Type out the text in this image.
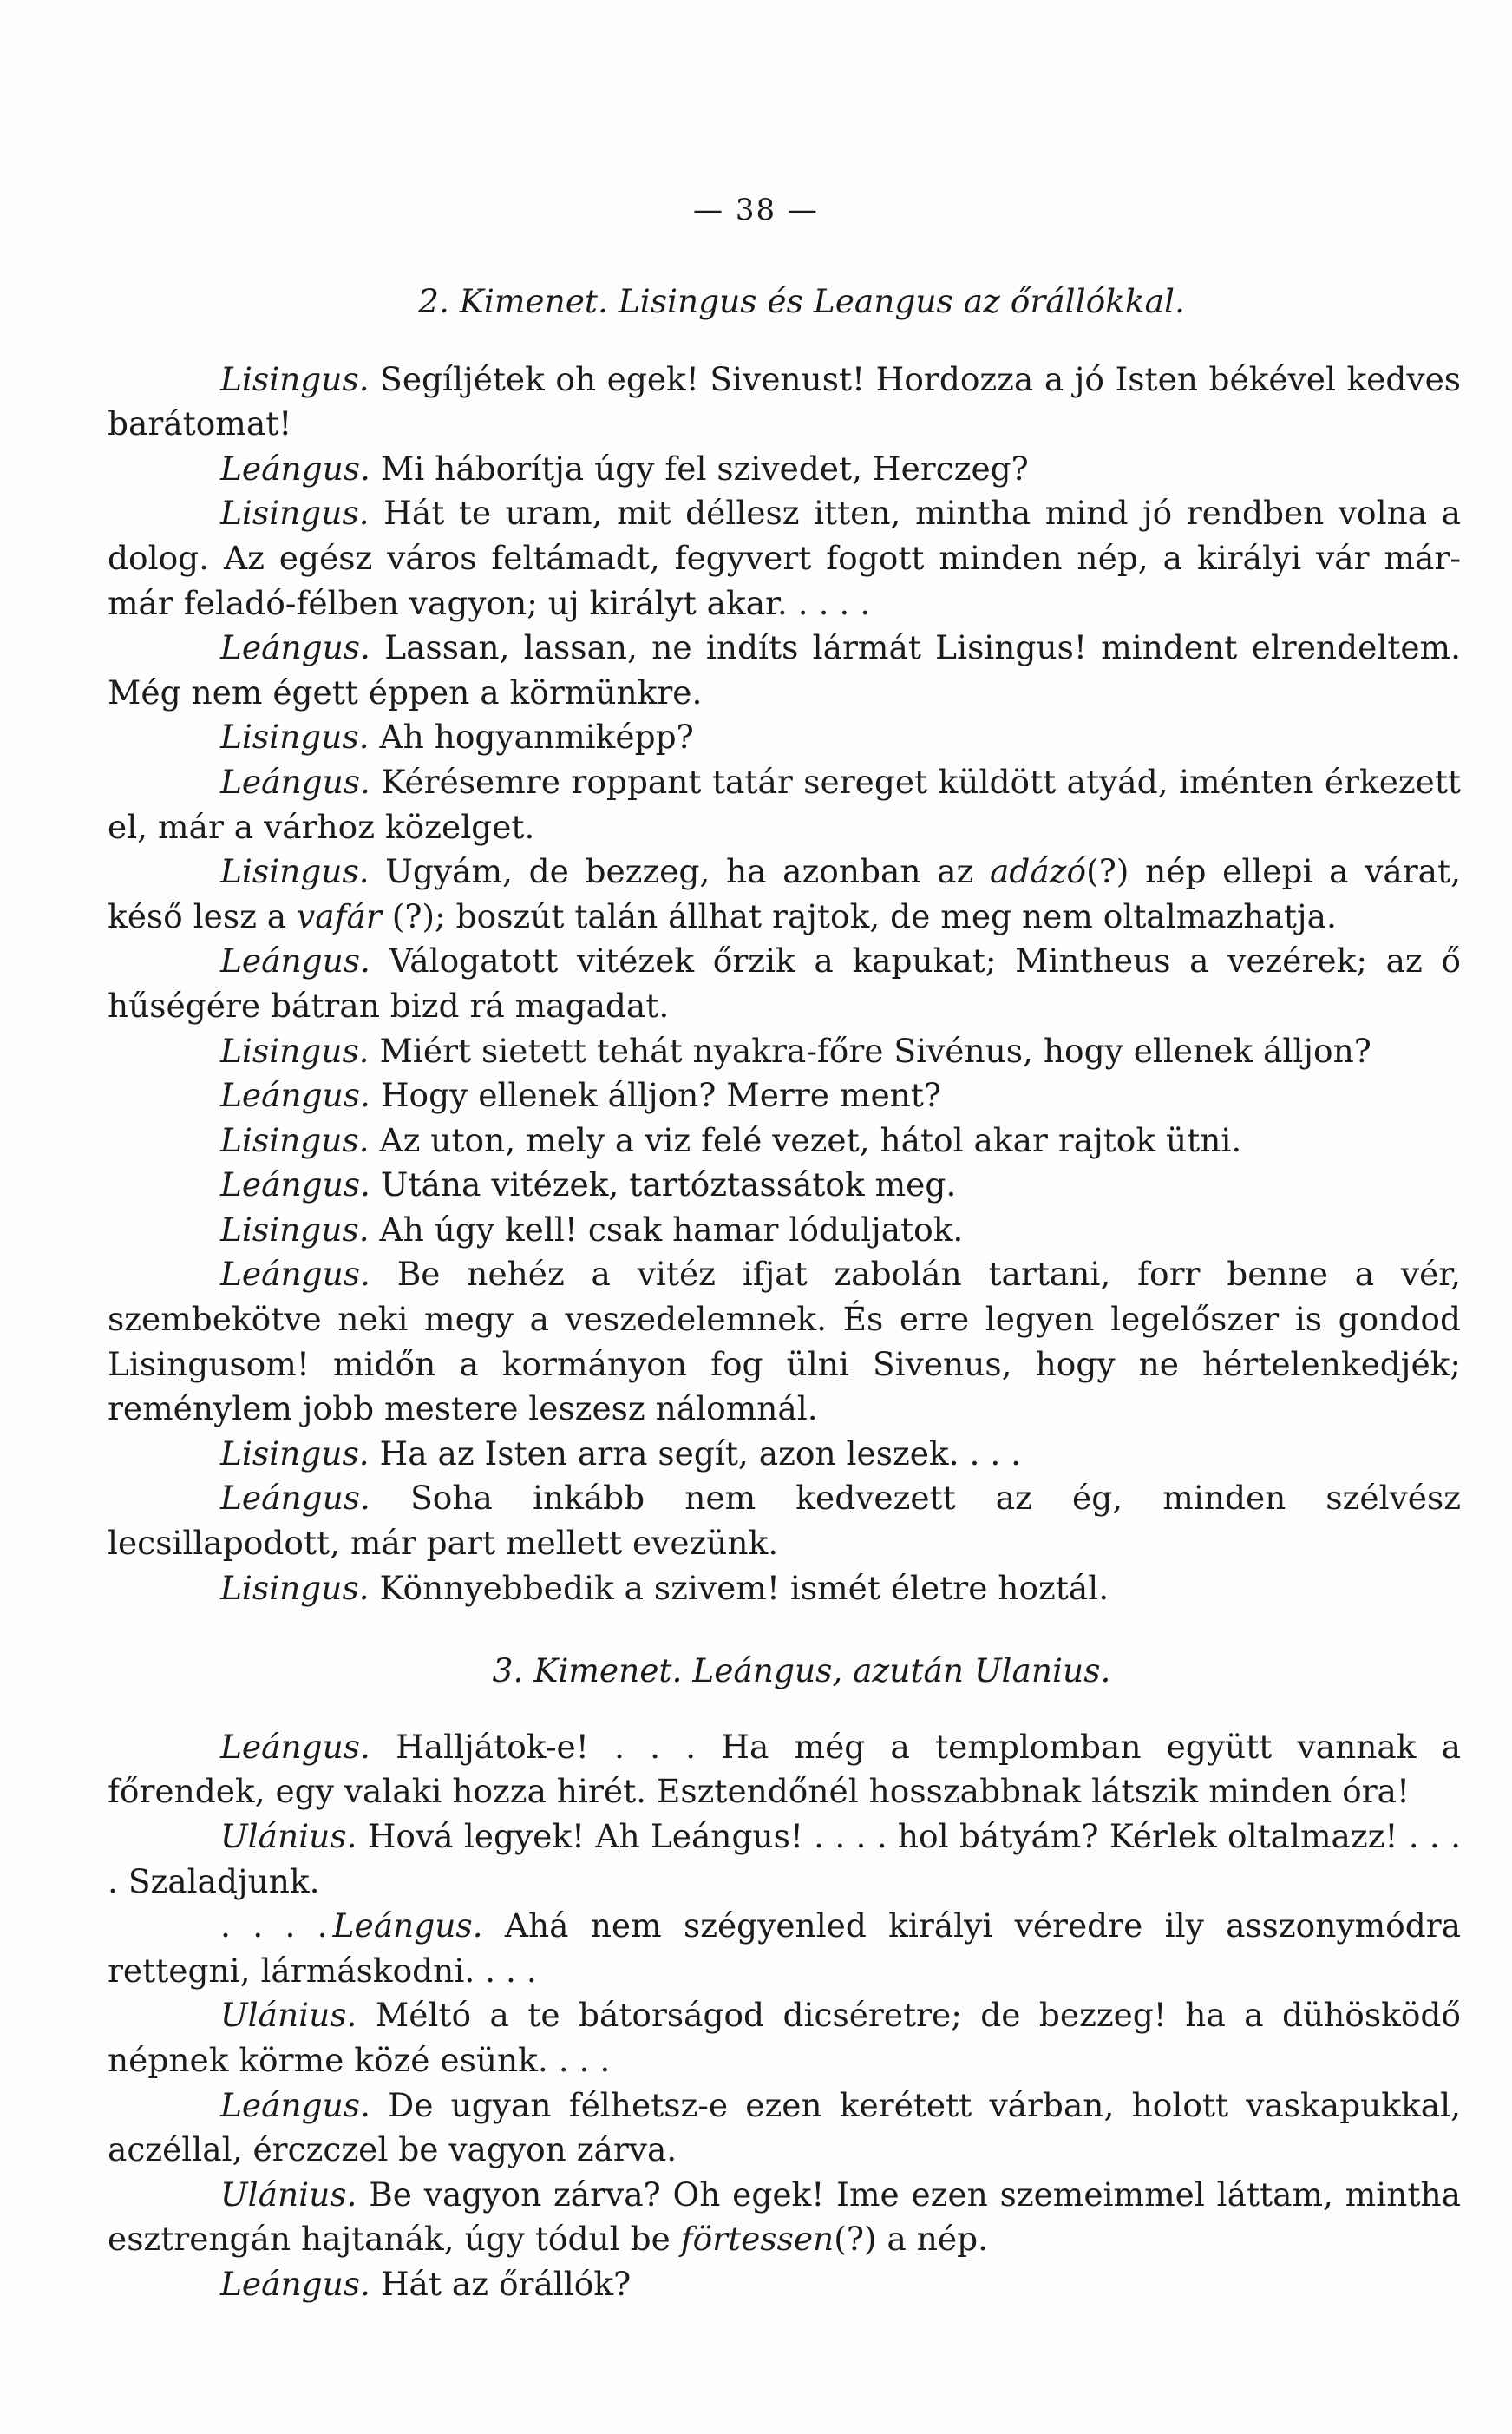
— 38 —

2. Kimenet. Lisingus és Leangus az őrállókkal.

Lisingus. Segíljétek oh egek! Sivenust! Hordozza a jó Isten békével kedves barátomat!

Leángus. Mi háborítja úgy fel szivedet, Herczeg?

Lisingus. Hát te uram, mit déllesz itten, mintha mind jó rendben volna a dolog. Az egész város feltámadt, fegyvert fogott minden nép, a királyi vár már-már feladó-félben vagyon; uj királyt akar. . . . .

Leángus. Lassan, lassan, ne indíts lármát Lisingus! mindent elrendeltem. Még nem égett éppen a körmünkre.

Lisingus. Ah hogyanmiképp?

Leángus. Kérésemre roppant tatár sereget küldött atyád, iménten érkezett el, már a várhoz közelget.

Lisingus. Ugyám, de bezzeg, ha azonban az adázó(?) nép ellepi a várat, késő lesz a vafár (?); boszút talán állhat rajtok, de meg nem oltalmazhatja.

Leángus. Válogatott vitézek őrzik a kapukat; Mintheus a vezérek; az ő hűségére bátran bizd rá magadat.

Lisingus. Miért sietett tehát nyakra-főre Sivénus, hogy ellenek álljon?

Leángus. Hogy ellenek álljon? Merre ment?

Lisingus. Az uton, mely a viz felé vezet, hátol akar rajtok ütni.

Leángus. Utána vitézek, tartóztassátok meg.

Lisingus. Ah úgy kell! csak hamar lóduljatok.

Leángus. Be nehéz a vitéz ifjat zabolán tartani, forr benne a vér, szembekötve neki megy a veszedelemnek. És erre legyen legelőszer is gondod Lisingusom! midőn a kormányon fog ülni Sivenus, hogy ne hértelenkedjék; reménylem jobb mestere leszesz nálomnál.

Lisingus. Ha az Isten arra segít, azon leszek. . . .

Leángus. Soha inkább nem kedvezett az ég, minden szélvész lecsillapodott, már part mellett evezünk.

Lisingus. Könnyebbedik a szivem! ismét életre hoztál.

3. Kimenet. Leángus, azután Ulanius.

Leángus. Halljátok-e! . . . Ha még a templomban együtt vannak a főrendek, egy valaki hozza hirét. Esztendőnél hosszabbnak látszik minden óra!

Ulánius. Hová legyek! Ah Leángus! . . . . hol bátyám? Kérlek oltalmazz! . . . . Szaladjunk.

. . . . Leángus. Ahá nem szégyenled királyi véredre ily asszonymódra rettegni, lármáskodni. . . .

Ulánius. Méltó a te bátorságod dicséretre; de bezzeg! ha a dühösködő népnek körme közé esünk. . . .

Leángus. De ugyan félhetsz-e ezen kerétett várban, holott vaskapukkal, aczéllal, érczczel be vagyon zárva.

Ulánius. Be vagyon zárva? Oh egek! Ime ezen szemeimmel láttam, mintha esztrengán hajtanák, úgy tódul be förtessen(?) a nép.

Leángus. Hát az őrállók?
